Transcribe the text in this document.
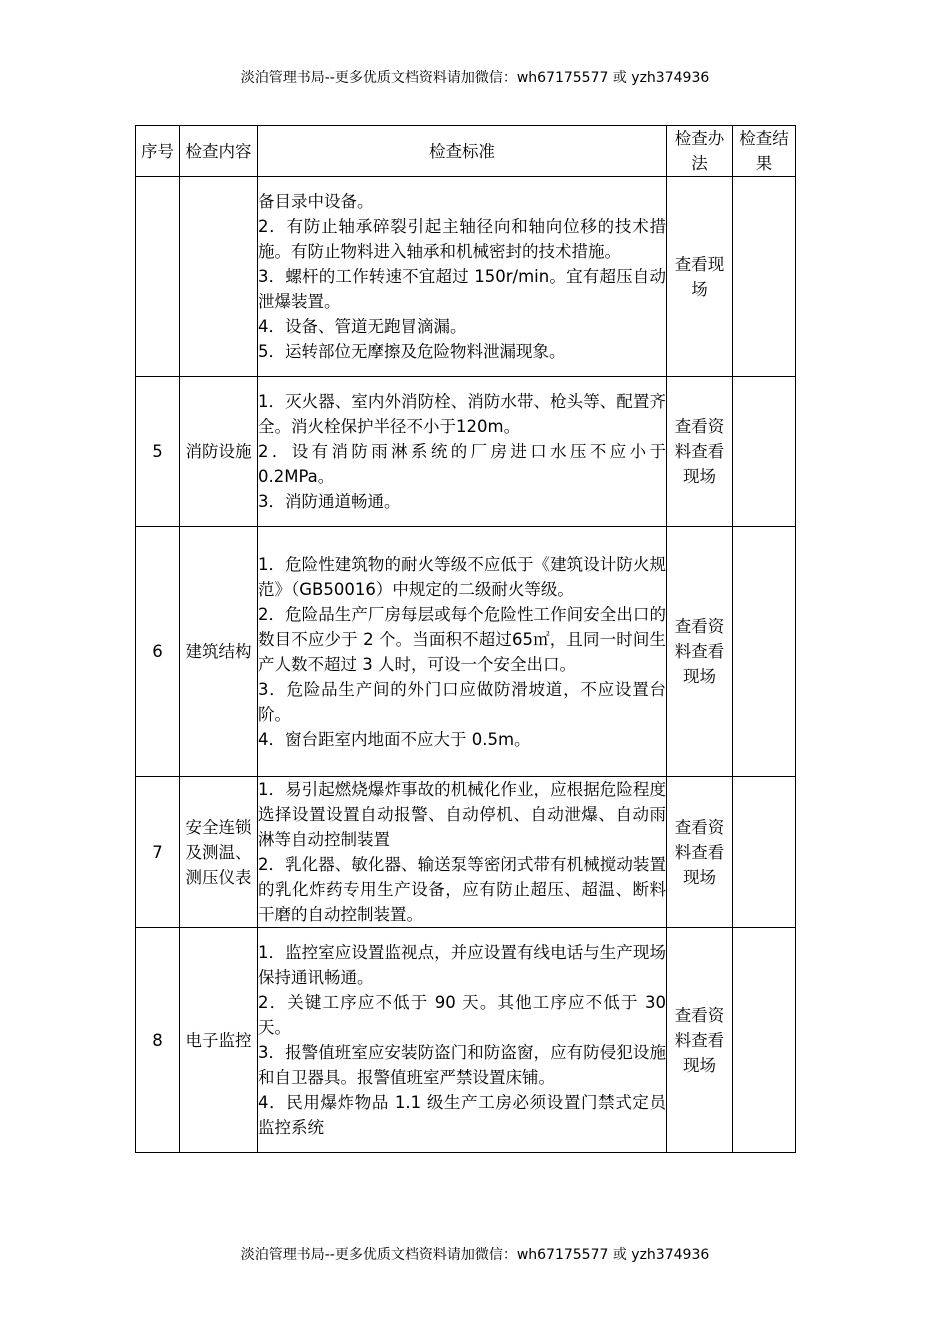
淡泊管理书局--更多优质文档资料请加微信：wh67175577 或 yzh374936
序号	检查内容	检查标准	检查办法	检查结果

		备目录中设备。
2．有防止轴承碎裂引起主轴径向和轴向位移的技术措施。有防止物料进入轴承和机械密封的技术措施。
3．螺杆的工作转速不宜超过 150r/min。宜有超压自动泄爆装置。
4．设备、管道无跑冒滴漏。
5．运转部位无摩擦及危险物料泄漏现象。	查看现场	

5	消防设施	1．灭火器、室内外消防栓、消防水带、枪头等、配置齐全。消火栓保护半径不小于120m。
2．设有消防雨淋系统的厂房进口水压不应小于0.2MPa。
3．消防通道畅通。	查看资料查看现场	

6	建筑结构	1．危险性建筑物的耐火等级不应低于《建筑设计防火规范》（GB50016）中规定的二级耐火等级。
2．危险品生产厂房每层或每个危险性工作间安全出口的数目不应少于 2 个。当面积不超过65㎡，且同一时间生产人数不超过 3 人时，可设一个安全出口。
3．危险品生产间的外门口应做防滑坡道，不应设置台阶。
4．窗台距室内地面不应大于 0.5m。	查看资料查看现场	

7	安全连锁及测温、测压仪表	1．易引起燃烧爆炸事故的机械化作业，应根据危险程度选择设置设置自动报警、自动停机、自动泄爆、自动雨淋等自动控制装置
2．乳化器、敏化器、输送泵等密闭式带有机械搅动装置的乳化炸药专用生产设备，应有防止超压、超温、断料干磨的自动控制装置。	查看资料查看现场	

8	电子监控	1．监控室应设置监视点，并应设置有线电话与生产现场保持通讯畅通。
2．关键工序应不低于 90 天。其他工序应不低于 30 天。
3．报警值班室应安装防盗门和防盗窗，应有防侵犯设施和自卫器具。报警值班室严禁设置床铺。
4．民用爆炸物品 1.1 级生产工房必须设置门禁式定员监控系统	查看资料查看现场	

淡泊管理书局--更多优质文档资料请加微信：wh67175577 或 yzh374936
